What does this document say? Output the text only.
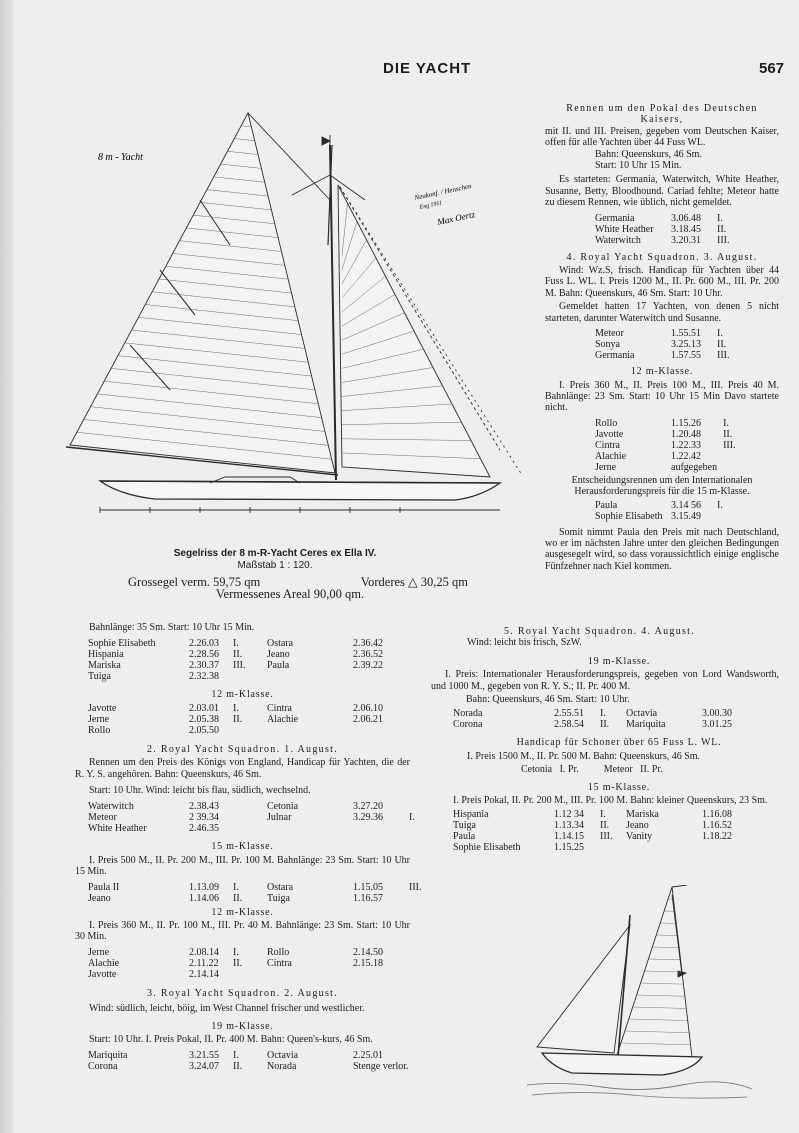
DIE YACHT	567
8 m - Yacht
Neukonf. / Henschen
Eng 1911
Max Oertz
Segelriss der 8 m-R-Yacht Ceres ex Ella IV.
Maßstab 1 : 120.
Grossegel verm. 59,75 qm	Vorderes △ 30,25 qm
Vermessenes Areal 90,00 qm.
Bahnlänge: 35 Sm. Start: 10 Uhr 15 Min.
Sophie Elisabeth	2.26.03	I.	Ostara	2.36.42	
Hispania	2.28.56	II.	Jeano	2.36.52	
Mariska	2.30.37	III.	Paula	2.39.22	
Tuiga	2.32.38				
12 m-Klasse.
Javotte	2.03.01	I.	Cintra	2.06.10
Jerne	2.05.38	II.	Alachie	2.06.21
Rollo	2.05.50			
2. Royal Yacht Squadron. 1. August.
Rennen um den Preis des Königs von England, Handicap für Yachten, die der R. Y. S. angehören. Bahn: Queenskurs, 46 Sm.
Start: 10 Uhr. Wind: leicht bis flau, südlich, wechselnd.
Waterwitch	2.38.43		Cetonia	3.27.20	
Meteor	2 39.34		Julnar	3.29.36	I.
White Heather	2.46.35				
15 m-Klasse.
I. Preis 500 M., II. Pr. 200 M., III. Pr. 100 M. Bahnlänge: 23 Sm. Start: 10 Uhr 15 Min.
Paula II	1.13.09	I.	Ostara	1.15.05	III.
Jeano	1.14.06	II.	Tuiga	1.16.57	
12 m-Klasse.
I. Preis 360 M., II. Pr. 100 M., III. Pr. 40 M. Bahnlänge: 23 Sm. Start: 10 Uhr 30 Min.
Jerne	2.08.14	I.	Rollo	2.14.50
Alachie	2.11.22	II.	Cintra	2.15.18
Javotte	2.14.14			
3. Royal Yacht Squadron. 2. August.
Wind: südlich, leicht, böig, im West Channel frischer und westlicher.
19 m-Klasse.
Start: 10 Uhr. I. Preis Pokal, II. Pr. 400 M. Bahn: Queen's-kurs, 46 Sm.
Mariquita	3.21.55	I.	Octavia	2.25.01
Corona	3.24.07	II.	Norada	Stenge verlor.
Rennen um den Pokal des Deutschen
Kaisers,
mit II. und III. Preisen, gegeben vom Deutschen Kaiser, offen für alle Yachten über 44 Fuss WL.
Bahn: Queenskurs, 46 Sm.
Start: 10 Uhr 15 Min.
Es starteten: Germania, Waterwitch, White Heather, Susanne, Betty, Bloodhound. Cariad fehlte; Meteor hatte zu diesem Rennen, wie üblich, nicht gemeldet.
Germania	3.06.48	I.
White Heather	3.18.45	II.
Waterwitch	3.20.31	III.
4. Royal Yacht Squadron. 3. August.
Wind: Wz.S, frisch. Handicap für Yachten über 44 Fuss L. WL. I. Preis 1200 M., II. Pr. 600 M., III. Pr. 200 M. Bahn: Queenskurs, 46 Sm. Start: 10 Uhr.
Gemeldet hatten 17 Yachten, von denen 5 nicht starteten, darunter Waterwitch und Susanne.
Meteor	1.55.51	I.
Sonya	3.25.13	II.
Germania	1.57.55	III.
12 m-Klasse.
I. Preis 360 M., II. Preis 100 M., III. Preis 40 M. Bahnlänge: 23 Sm. Start: 10 Uhr 15 Min Davo startete nicht.
Rollo	1.15.26	I.
Javotte	1.20.48	II.
Cintra	1.22.33	III.
Alachie	1.22.42	
Jerne	aufgegeben	
Entscheidungsrennen um den Internationalen
Herausforderungspreis für die 15 m-Klasse.
Paula	3.14 56	I.
Sophie Elisabeth	3.15.49	
Somit nimmt Paula den Preis mit nach Deutschland, wo er im nächsten Jahre unter den gleichen Bedingungen ausgesegelt wird, so dass voraussichtlich einige englische Fünfzehner nach Kiel kommen.
5. Royal Yacht Squadron. 4. August.
Wind: leicht bis frisch, SzW.
19 m-Klasse.
I. Preis: Internationaler Herausforderungspreis, gegeben von Lord Wandsworth, und 1000 M., gegeben von R. Y. S.; II. Pr. 400 M.
Bahn: Queenskurs, 46 Sm. Start: 10 Uhr.
Norada	2.55.51	I.	Octavia	3.00.30
Corona	2.58.54	II.	Mariquita	3.01.25
Handicap für Schoner über 65 Fuss L. WL.
I. Preis 1500 M., II. Pr. 500 M. Bahn: Queenskurs, 46 Sm.
Cetonia   I. Pr.          Meteor   II. Pr.
15 m-Klasse.
I. Preis Pokal, II. Pr. 200 M., III. Pr. 100 M. Bahn: kleiner Queenskurs, 23 Sm.
Hispania	1.12 34	I.	Mariska	1.16.08
Tuiga	1.13.34	II.	Jeano	1.16.52
Paula	1.14.15	III.	Vanity	1.18.22
Sophie Elisabeth	1.15.25			
